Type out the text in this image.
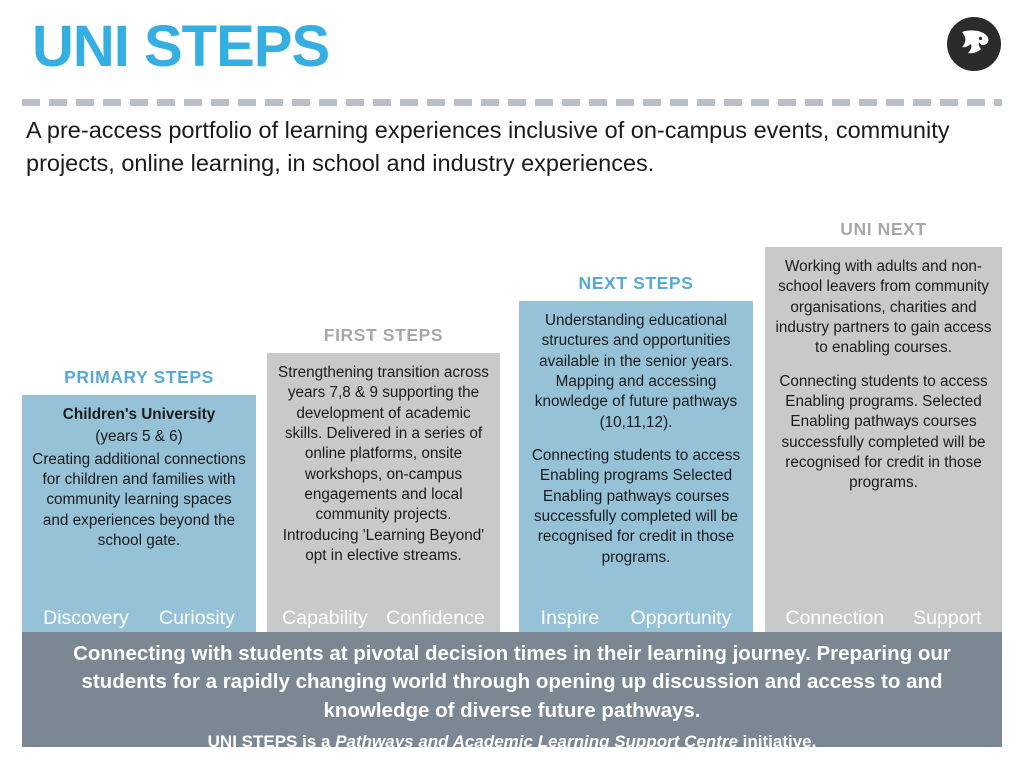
UNI STEPS
A pre-access portfolio of learning experiences inclusive of on-campus events, community projects, online learning, in school and industry experiences.
PRIMARY STEPS

Children's University

(years 5 & 6)

Creating additional connections for children and families with community learning spaces and experiences beyond the school gate.

Discovery Curiosity
FIRST STEPS

Strengthening transition across years 7,8 & 9 supporting the development of academic skills. Delivered in a series of online platforms, onsite workshops, on-campus engagements and local community projects. Introducing 'Learning Beyond' opt in elective streams.

Capability Confidence
NEXT STEPS

Understanding educational structures and opportunities available in the senior years. Mapping and accessing knowledge of future pathways (10,11,12).

Connecting students to access Enabling programs Selected Enabling pathways courses successfully completed will be recognised for credit in those programs.

Inspire Opportunity
UNI NEXT

Working with adults and non-school leavers from community organisations, charities and industry partners to gain access to enabling courses.

Connecting students to access Enabling programs. Selected Enabling pathways courses successfully completed will be recognised for credit in those programs.

Connection Support
Connecting with students at pivotal decision times in their learning journey. Preparing our students for a rapidly changing world through opening up discussion and access to and knowledge of diverse future pathways.
UNI STEPS is a Pathways and Academic Learning Support Centre initiative.
